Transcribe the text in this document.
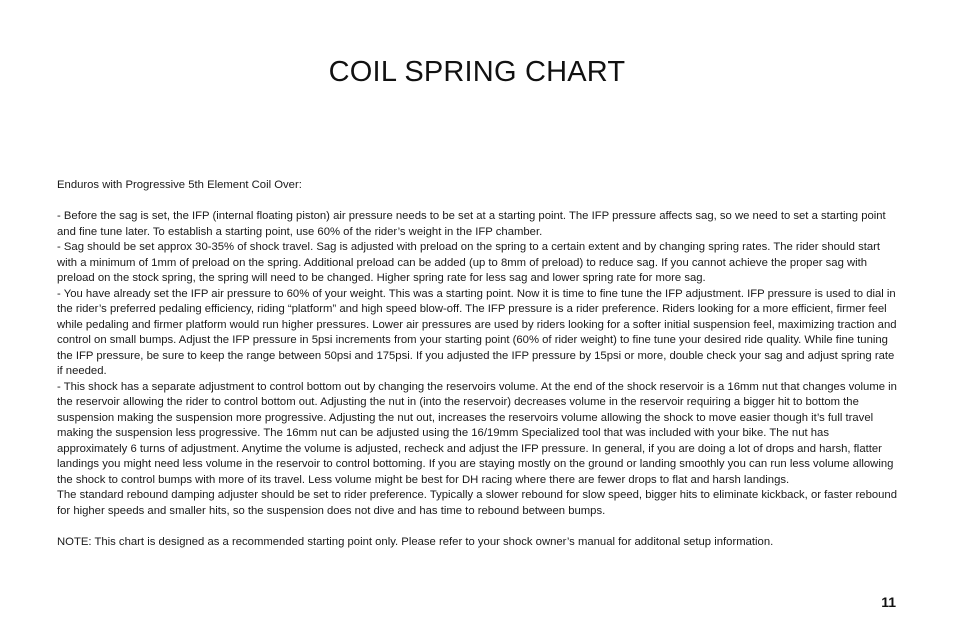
COIL SPRING CHART

Enduros with Progressive 5th Element Coil Over:

- Before the sag is set, the IFP (internal floating piston) air pressure needs to be set at a starting point. The IFP pressure affects sag, so we need to set a starting point and fine tune later. To establish a starting point, use 60% of the rider’s weight in the IFP chamber.

- Sag should be set approx 30-35% of shock travel. Sag is adjusted with preload on the spring to a certain extent and by changing spring rates. The rider should start with a minimum of 1mm of preload on the spring. Additional preload can be added (up to 8mm of preload) to reduce sag. If you cannot achieve the proper sag with preload on the stock spring, the spring will need to be changed. Higher spring rate for less sag and lower spring rate for more sag.

- You have already set the IFP air pressure to 60% of your weight. This was a starting point. Now it is time to fine tune the IFP adjustment. IFP pressure is used to dial in the rider’s preferred pedaling efficiency, riding “platform” and high speed blow-off. The IFP pressure is a rider preference. Riders looking for a more efficient, firmer feel while pedaling and firmer platform would run higher pressures. Lower air pressures are used by riders looking for a softer initial suspension feel, maximizing traction and control on small bumps. Adjust the IFP pressure in 5psi increments from your starting point (60% of rider weight) to fine tune your desired ride quality. While fine tuning the IFP pressure, be sure to keep the range between 50psi and 175psi. If you adjusted the IFP pressure by 15psi or more, double check your sag and adjust spring rate if needed.

- This shock has a separate adjustment to control bottom out by changing the reservoirs volume. At the end of the shock reservoir is a 16mm nut that changes volume in the reservoir allowing the rider to control bottom out. Adjusting the nut in (into the reservoir) decreases volume in the reservoir requiring a bigger hit to bottom the suspension making the suspension more progressive. Adjusting the nut out, increases the reservoirs volume allowing the shock to move easier though it’s full travel making the suspension less progressive. The 16mm nut can be adjusted using the 16/19mm Specialized tool that was included with your bike. The nut has approximately 6 turns of adjustment. Anytime the volume is adjusted, recheck and adjust the IFP pressure. In general, if you are doing a lot of drops and harsh, flatter landings you might need less volume in the reservoir to control bottoming. If you are staying mostly on the ground or landing smoothly you can run less volume allowing the shock to control bumps with more of its travel. Less volume might be best for DH racing where there are fewer drops to flat and harsh landings.

The standard rebound damping adjuster should be set to rider preference. Typically a slower rebound for slow speed, bigger hits to eliminate kickback, or faster rebound for higher speeds and smaller hits, so the suspension does not dive and has time to rebound between bumps.

NOTE: This chart is designed as a recommended starting point only. Please refer to your shock owner’s manual for additonal setup information.

11
